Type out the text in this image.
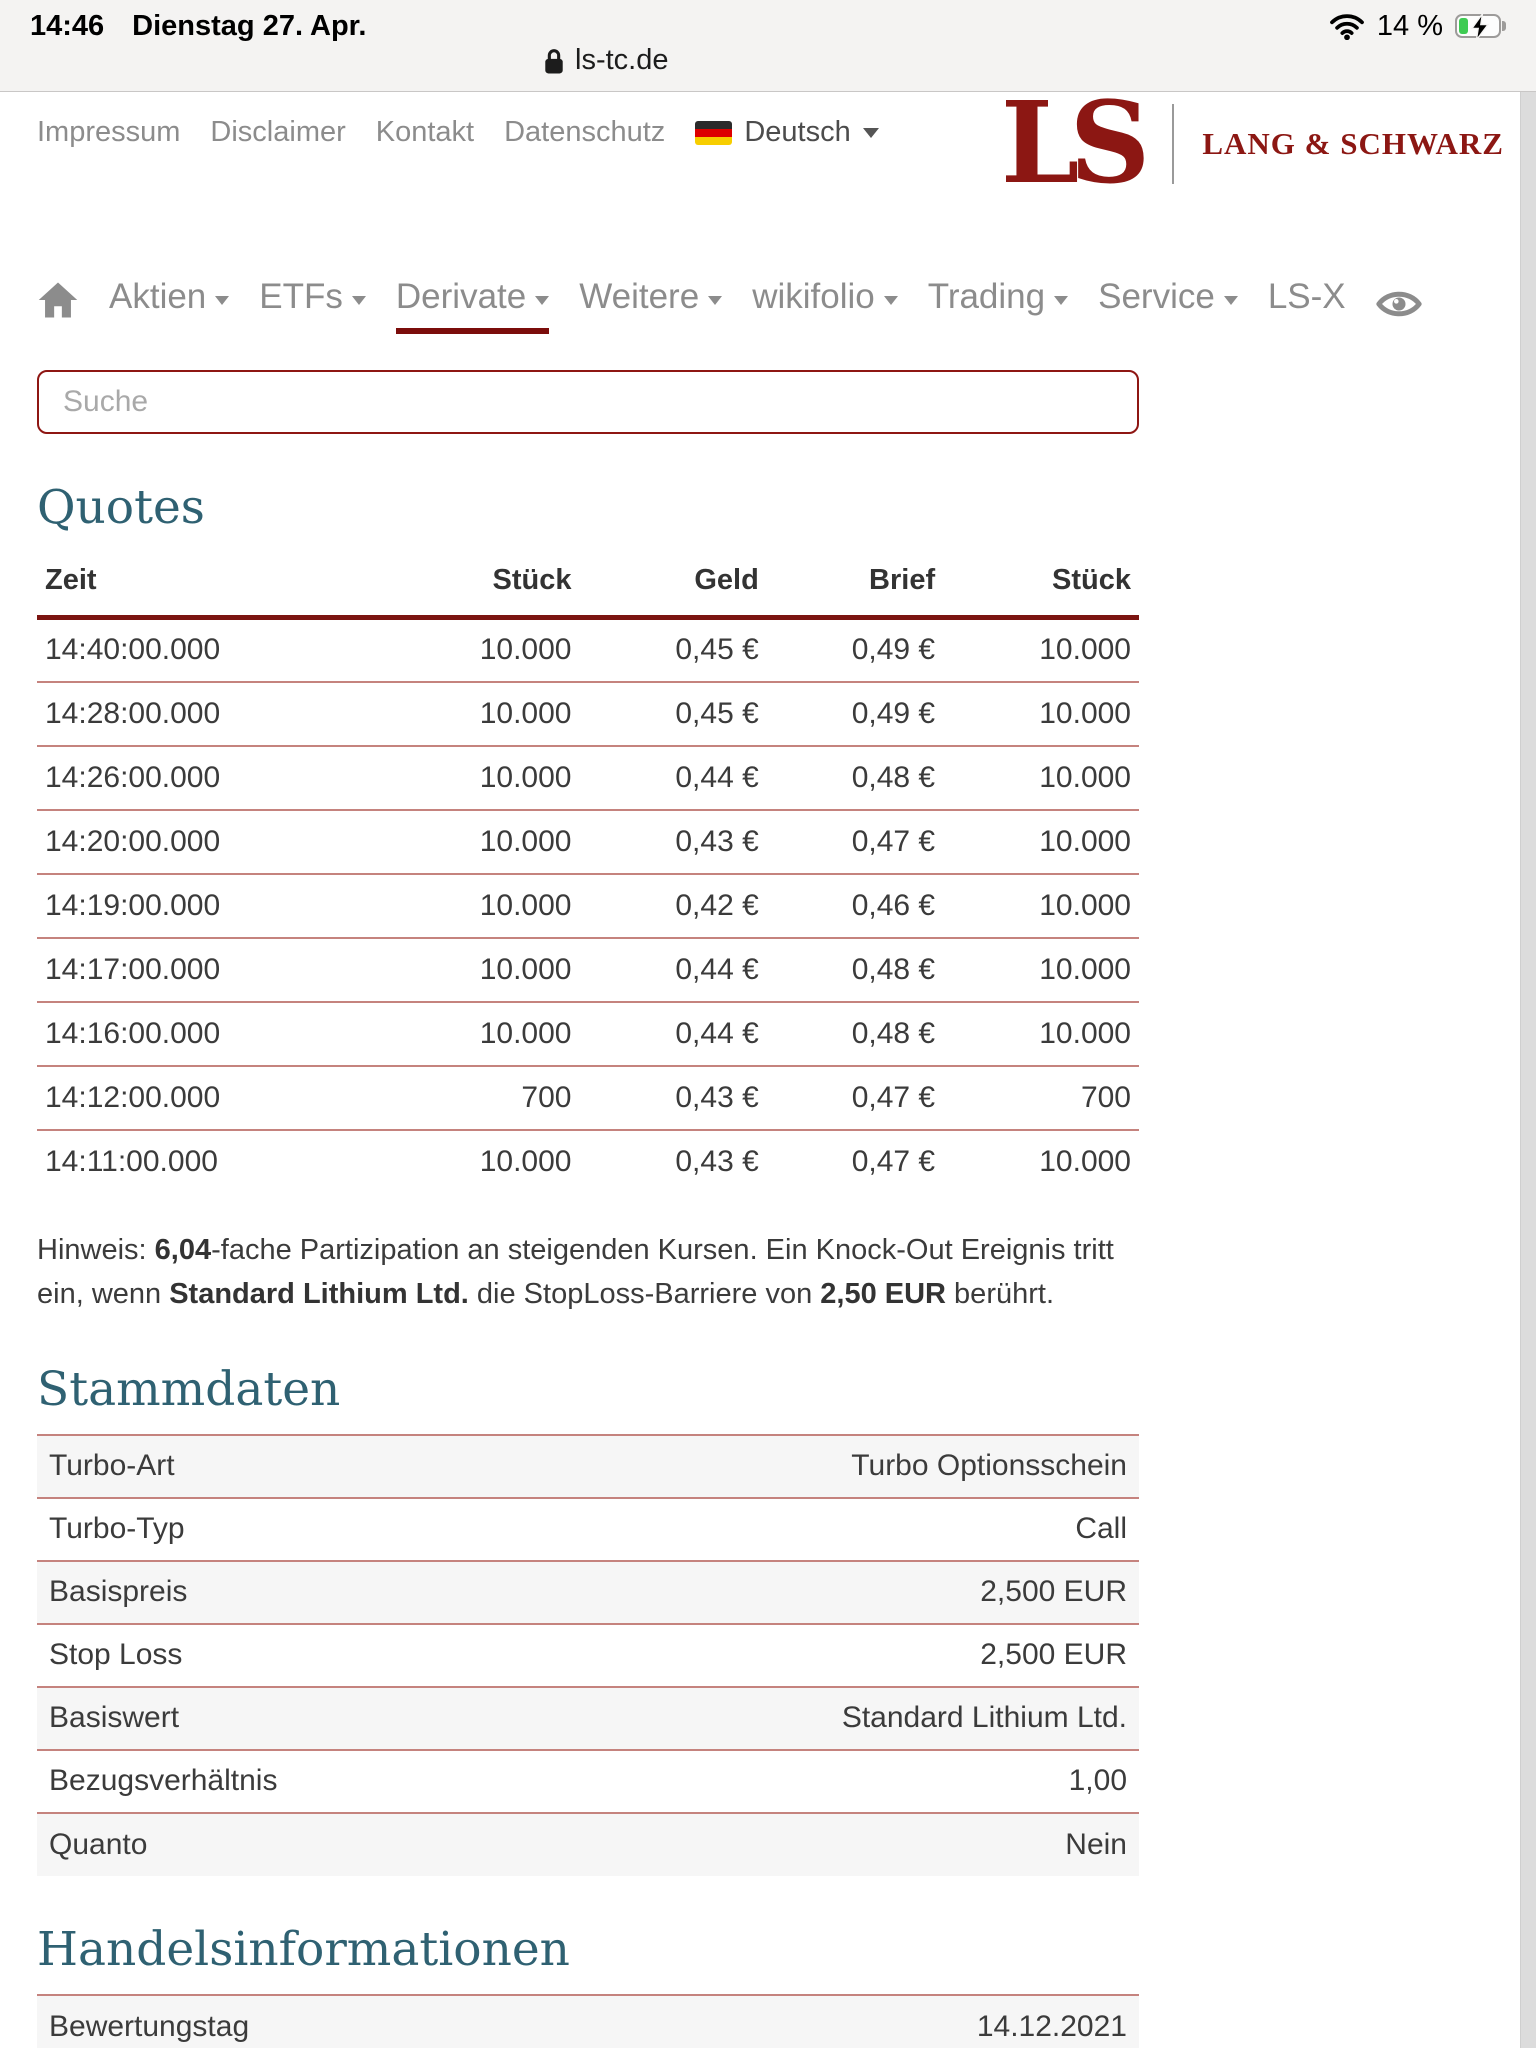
14:46 Dienstag 27. Apr.	14 %
ls-tc.de
Impressum Disclaimer Kontakt Datenschutz	Deutsch LS	LANG & SCHWARZ
Aktien ETFs Derivate Weitere wikifolio Trading Service LS-X
Suche
Quotes
Zeit	Stück	Geld	Brief	Stück
14:40:00.000	10.000	0,45 €	0,49 €	10.000
14:28:00.000	10.000	0,45 €	0,49 €	10.000
14:26:00.000	10.000	0,44 €	0,48 €	10.000
14:20:00.000	10.000	0,43 €	0,47 €	10.000
14:19:00.000	10.000	0,42 €	0,46 €	10.000
14:17:00.000	10.000	0,44 €	0,48 €	10.000
14:16:00.000	10.000	0,44 €	0,48 €	10.000
14:12:00.000	700	0,43 €	0,47 €	700
14:11:00.000	10.000	0,43 €	0,47 €	10.000

Hinweis: 6,04-fache Partizipation an steigenden Kursen. Ein Knock-Out Ereignis tritt ein, wenn Standard Lithium Ltd. die StopLoss-Barriere von 2,50 EUR berührt.

Stammdaten
Turbo-Art	Turbo Optionsschein
Turbo-Typ	Call
Basispreis	2,500 EUR
Stop Loss	2,500 EUR
Basiswert	Standard Lithium Ltd.
Bezugsverhältnis	1,00
Quanto	Nein
Handelsinformationen
Bewertungstag	14.12.2021
